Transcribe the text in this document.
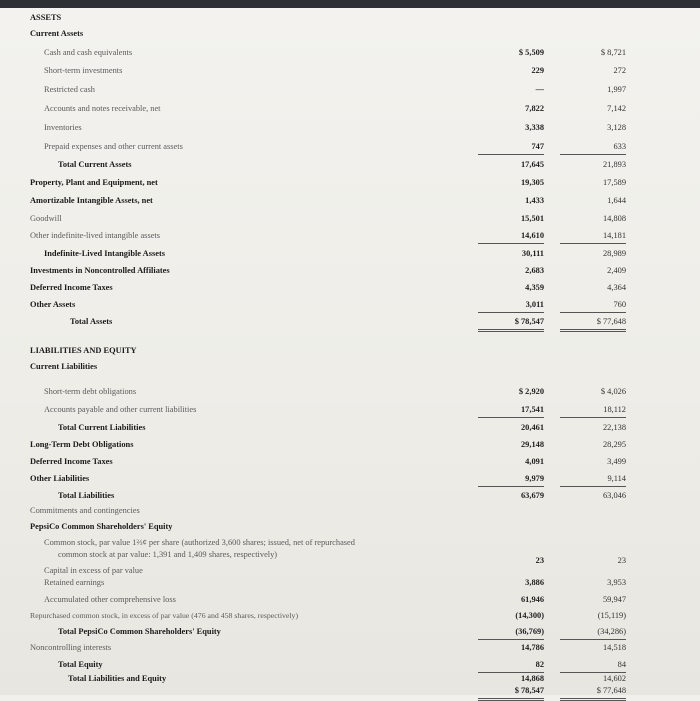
ASSETS
Current Assets
Cash and cash equivalents	$ 5,509	$ 8,721
Short-term investments	229	272
Restricted cash	—	1,997
Accounts and notes receivable, net	7,822	7,142
Inventories	3,338	3,128
Prepaid expenses and other current assets	747	633
Total Current Assets	17,645	21,893
Property, Plant and Equipment, net	19,305	17,589
Amortizable Intangible Assets, net	1,433	1,644
Goodwill	15,501	14,808
Other indefinite-lived intangible assets	14,610	14,181
Indefinite-Lived Intangible Assets	30,111	28,989
Investments in Noncontrolled Affiliates	2,683	2,409
Deferred Income Taxes	4,359	4,364
Other Assets	3,011	760
Total Assets	$ 78,547	$ 77,648
LIABILITIES AND EQUITY
Current Liabilities
Short-term debt obligations	$ 2,920	$ 4,026
Accounts payable and other current liabilities	17,541	18,112
Total Current Liabilities	20,461	22,138
Long-Term Debt Obligations	29,148	28,295
Deferred Income Taxes	4,091	3,499
Other Liabilities	9,979	9,114
Total Liabilities	63,679	63,046
Commitments and contingencies
PepsiCo Common Shareholders' Equity
Common stock, par value 1⅔¢ per share (authorized 3,600 shares; issued, net of repurchased
common stock at par value: 1,391 and 1,409 shares, respectively)
23	23
Capital in excess of par value
Retained earnings	3,886	3,953
Accumulated other comprehensive loss	61,946	59,947
Repurchased common stock, in excess of par value (476 and 458 shares, respectively)	(14,300)	(15,119)
Total PepsiCo Common Shareholders' Equity	(36,769)	(34,286)
Noncontrolling interests	14,786	14,518
Total Equity	82	84
Total Liabilities and Equity	14,868	14,602
$ 78,547	$ 77,648
